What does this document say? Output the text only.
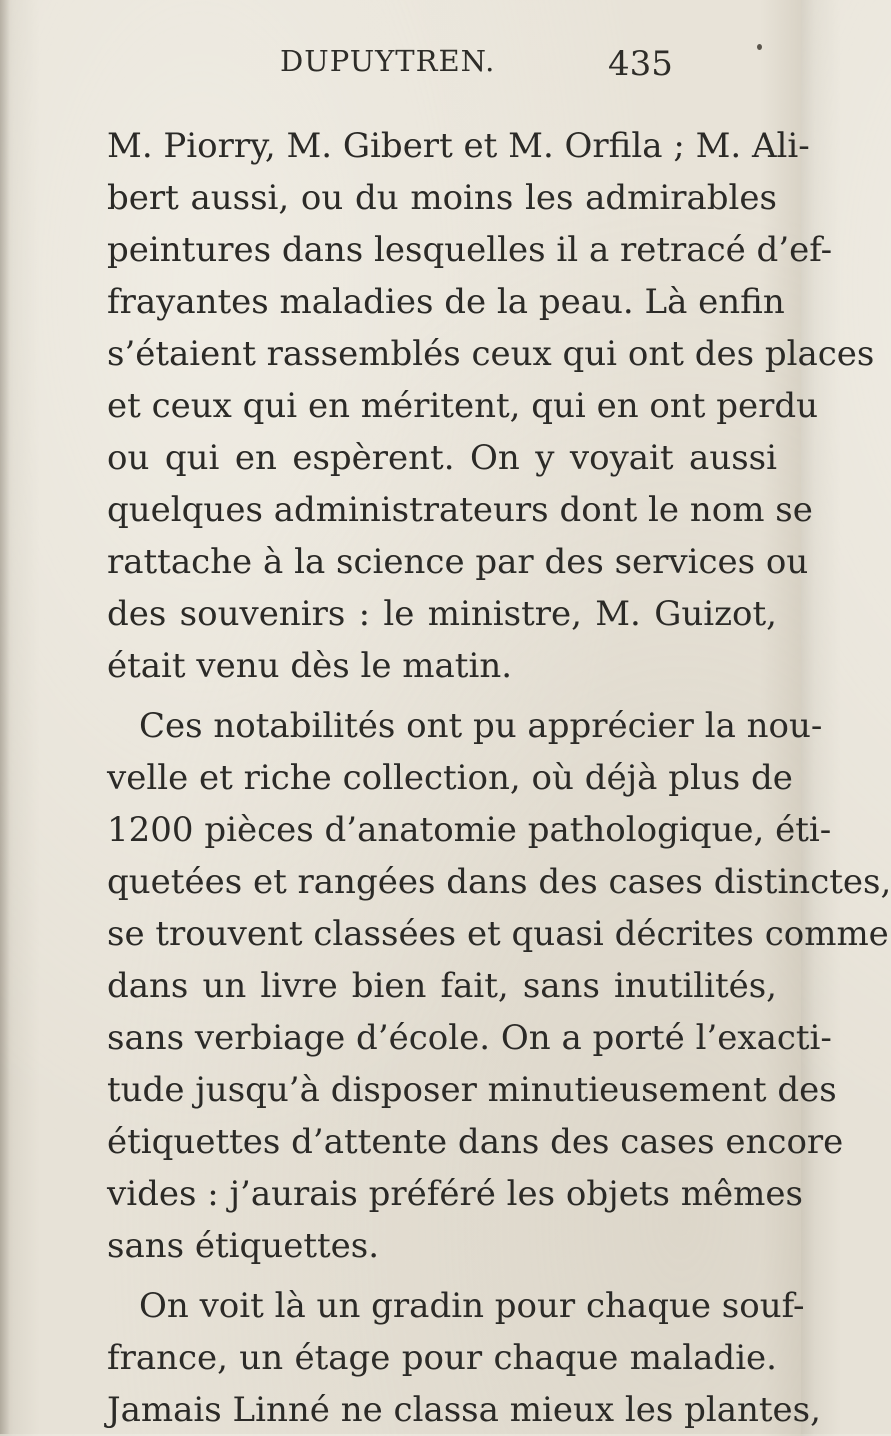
DUPUYTREN.	435
M. Piorry, M. Gibert et M. Orfila ; M. Ali-
bert aussi, ou du moins les admirables
peintures dans lesquelles il a retracé d’ef-
frayantes maladies de la peau. Là enfin
s’étaient rassemblés ceux qui ont des places
et ceux qui en méritent, qui en ont perdu
ou qui en espèrent. On y voyait aussi
quelques administrateurs dont le nom se
rattache à la science par des services ou
des souvenirs : le ministre, M. Guizot,
était venu dès le matin.
Ces notabilités ont pu apprécier la nou-
velle et riche collection, où déjà plus de
1200 pièces d’anatomie pathologique, éti-
quetées et rangées dans des cases distinctes,
se trouvent classées et quasi décrites comme
dans un livre bien fait, sans inutilités,
sans verbiage d’école. On a porté l’exacti-
tude jusqu’à disposer minutieusement des
étiquettes d’attente dans des cases encore
vides : j’aurais préféré les objets mêmes
sans étiquettes.
On voit là un gradin pour chaque souf-
france, un étage pour chaque maladie.
Jamais Linné ne classa mieux les plantes,
